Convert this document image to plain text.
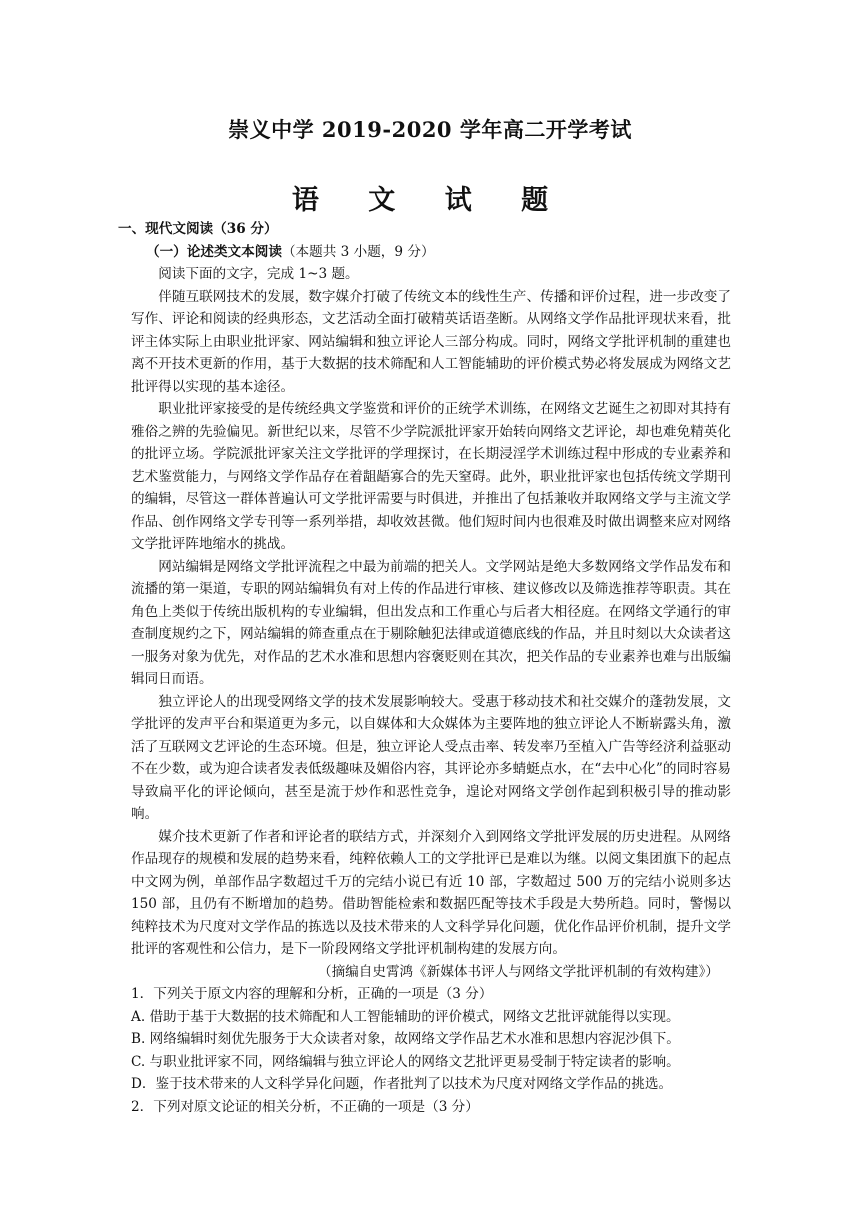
崇义中学 2019-2020 学年高二开学考试
语 文 试 题

一、现代文阅读（36 分）

（一）论述类文本阅读（本题共 3 小题，9 分）

阅读下面的文字，完成 1~3 题。

伴随互联网技术的发展，数字媒介打破了传统文本的线性生产、传播和评价过程，进一步改变了写作、评论和阅读的经典形态，文艺活动全面打破精英话语垄断。从网络文学作品批评现状来看，批评主体实际上由职业批评家、网站编辑和独立评论人三部分构成。同时，网络文学批评机制的重建也离不开技术更新的作用，基于大数据的技术筛配和人工智能辅助的评价模式势必将发展成为网络文艺批评得以实现的基本途径。

职业批评家接受的是传统经典文学鉴赏和评价的正统学术训练，在网络文艺诞生之初即对其持有雅俗之辨的先验偏见。新世纪以来，尽管不少学院派批评家开始转向网络文艺评论，却也难免精英化的批评立场。学院派批评家关注文学批评的学理探讨，在长期浸淫学术训练过程中形成的专业素养和艺术鉴赏能力，与网络文学作品存在着龃龉寡合的先天窒碍。此外，职业批评家也包括传统文学期刊的编辑，尽管这一群体普遍认可文学批评需要与时俱进，并推出了包括兼收并取网络文学与主流文学作品、创作网络文学专刊等一系列举措，却收效甚微。他们短时间内也很难及时做出调整来应对网络文学批评阵地缩水的挑战。

网站编辑是网络文学批评流程之中最为前端的把关人。文学网站是绝大多数网络文学作品发布和流播的第一渠道，专职的网站编辑负有对上传的作品进行审核、建议修改以及筛选推荐等职责。其在角色上类似于传统出版机构的专业编辑，但出发点和工作重心与后者大相径庭。在网络文学通行的审查制度规约之下，网站编辑的筛查重点在于剔除触犯法律或道德底线的作品，并且时刻以大众读者这一服务对象为优先，对作品的艺术水准和思想内容褒贬则在其次，把关作品的专业素养也难与出版编辑同日而语。

独立评论人的出现受网络文学的技术发展影响较大。受惠于移动技术和社交媒介的蓬勃发展，文学批评的发声平台和渠道更为多元，以自媒体和大众媒体为主要阵地的独立评论人不断崭露头角，激活了互联网文艺评论的生态环境。但是，独立评论人受点击率、转发率乃至植入广告等经济利益驱动不在少数，或为迎合读者发表低级趣味及媚俗内容，其评论亦多蜻蜓点水，在“去中心化”的同时容易导致扁平化的评论倾向，甚至是流于炒作和恶性竞争，遑论对网络文学创作起到积极引导的推动影响。

媒介技术更新了作者和评论者的联结方式，并深刻介入到网络文学批评发展的历史进程。从网络作品现存的规模和发展的趋势来看，纯粹依赖人工的文学批评已是难以为继。以阅文集团旗下的起点中文网为例，单部作品字数超过千万的完结小说已有近 10 部，字数超过 500 万的完结小说则多达 150 部，且仍有不断增加的趋势。借助智能检索和数据匹配等技术手段是大势所趋。同时，警惕以纯粹技术为尺度对文学作品的拣选以及技术带来的人文科学异化问题，优化作品评价机制，提升文学批评的客观性和公信力，是下一阶段网络文学批评机制构建的发展方向。

（摘编自史霄鸿《新媒体书评人与网络文学批评机制的有效构建》）

1．下列关于原文内容的理解和分析，正确的一项是（3 分）

A. 借助于基于大数据的技术筛配和人工智能辅助的评价模式，网络文艺批评就能得以实现。

B. 网络编辑时刻优先服务于大众读者对象，故网络文学作品艺术水准和思想内容泥沙俱下。

C. 与职业批评家不同，网络编辑与独立评论人的网络文艺批评更易受制于特定读者的影响。

D．鉴于技术带来的人文科学异化问题，作者批判了以技术为尺度对网络文学作品的挑选。

2．下列对原文论证的相关分析，不正确的一项是（3 分）
